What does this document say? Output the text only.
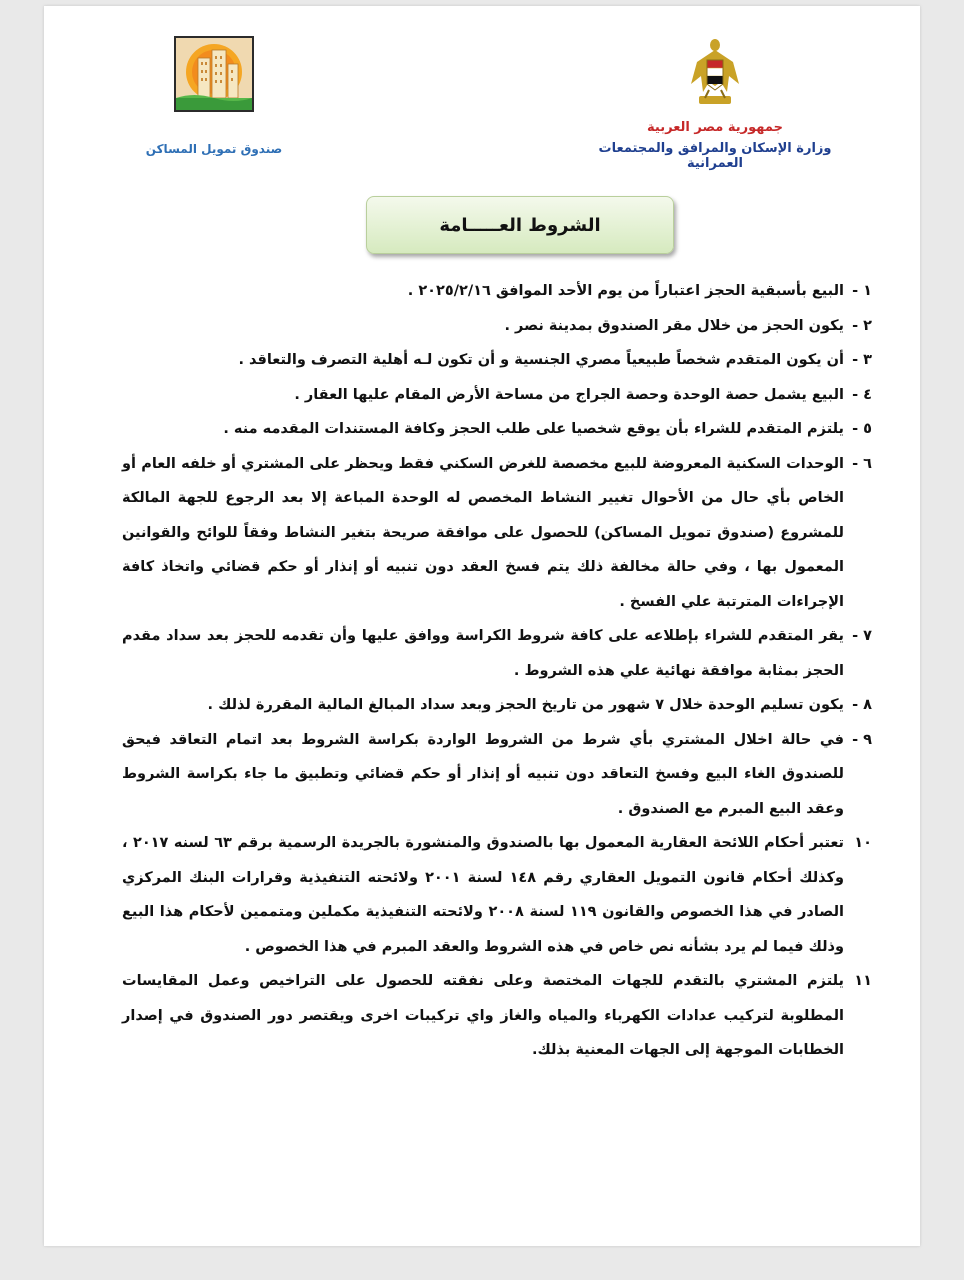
جمهورية مصر العربية
وزارة الإسكان والمرافق والمجتمعات العمرانية
صندوق تمويل المساكن
الشروط العـــــامة
١ -
البيع بأسبقية الحجز اعتباراً من يوم الأحد الموافق ٢٠٢٥/٢/١٦ .
٢ -
يكون الحجز من خلال مقر الصندوق بمدينة نصر .
٣ -
أن يكون المتقدم شخصاً طبيعياً مصري الجنسية و أن تكون لـه أهلية التصرف والتعاقد .
٤ -
البيع يشمل حصة الوحدة وحصة الجراج من مساحة الأرض المقام عليها العقار .
٥ -
يلتزم المتقدم للشراء بأن يوقع شخصيا على طلب الحجز وكافة المستندات المقدمه منه .
٦ -
الوحدات السكنية المعروضة للبيع مخصصة للغرض السكني فقط ويحظر على المشتري أو خلفه العام أو الخاص بأي حال من الأحوال تغيير النشاط المخصص له الوحدة المباعة إلا بعد الرجوع للجهة المالكة للمشروع (صندوق تمويل المساكن) للحصول على موافقة صريحة بتغير النشاط وفقاً للوائح والقوانين المعمول بها ، وفي حالة مخالفة ذلك يتم فسخ العقد دون تنبيه أو إنذار أو حكم قضائي واتخاذ كافة الإجراءات المترتبة علي الفسخ .
٧ -
يقر المتقدم للشراء بإطلاعه على كافة شروط الكراسة ووافق عليها وأن تقدمه للحجز بعد سداد مقدم الحجز بمثابة موافقة نهائية علي هذه الشروط .
٨ -
يكون تسليم الوحدة خلال ٧ شهور من تاريخ الحجز وبعد سداد المبالغ المالية المقررة لذلك .
٩ -
في حالة اخلال المشتري بأي شرط من الشروط الواردة بكراسة الشروط بعد اتمام التعاقد فيحق للصندوق الغاء البيع وفسخ التعاقد دون تنبيه أو إنذار أو حكم قضائي وتطبيق ما جاء بكراسة الشروط وعقد البيع المبرم مع الصندوق .
١٠
تعتبر أحكام اللائحة العقارية المعمول بها بالصندوق والمنشورة بالجريدة الرسمية برقم ٦٣ لسنه ٢٠١٧ ، وكذلك أحكام قانون التمويل العقاري رقم ١٤٨ لسنة ٢٠٠١ ولائحته التنفيذية وقرارات البنك المركزي الصادر في هذا الخصوص والقانون ١١٩ لسنة ٢٠٠٨ ولائحته التنفيذية مكملين ومتممين لأحكام هذا البيع وذلك فيما لم يرد بشأنه نص خاص في هذه الشروط والعقد المبرم في هذا الخصوص .
١١
يلتزم المشتري بالتقدم للجهات المختصة وعلى نفقته للحصول على التراخيص وعمل المقايسات المطلوبة لتركيب عدادات الكهرباء والمياه والغاز واي تركيبات اخرى ويقتصر دور الصندوق في إصدار الخطابات الموجهة إلى الجهات المعنية بذلك.
